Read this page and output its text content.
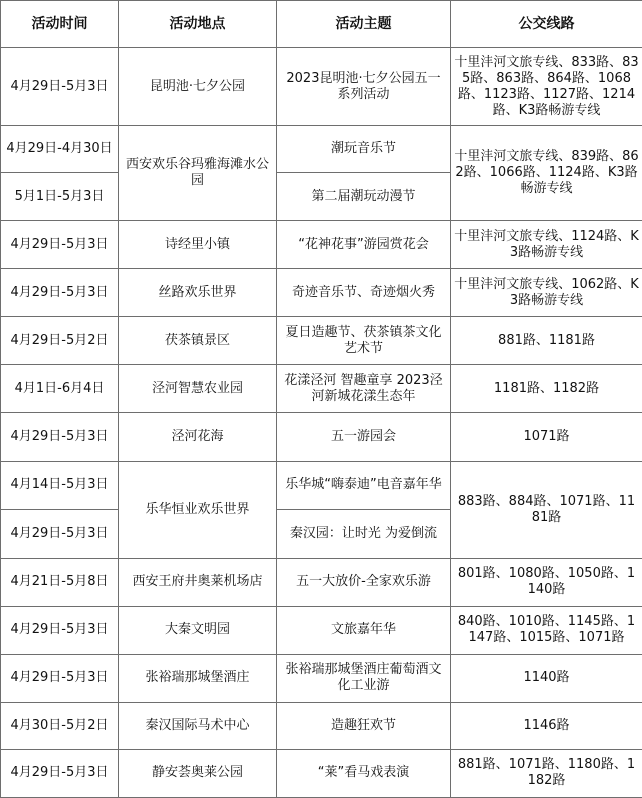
活动时间	活动地点	活动主题	公交线路
4月29日-5月3日	昆明池·七夕公园	2023昆明池·七夕公园五一系列活动	十里沣河文旅专线、833路、835路、863路、864路、1068路、1123路、1127路、1214路、K3路畅游专线
4月29日-4月30日	西安欢乐谷玛雅海滩水公园	潮玩音乐节	十里沣河文旅专线、839路、862路、1066路、1124路、K3路畅游专线
5月1日-5月3日		第二届潮玩动漫节	
4月29日-5月3日	诗经里小镇	“花神花事”游园赏花会	十里沣河文旅专线、1124路、K3路畅游专线
4月29日-5月3日	丝路欢乐世界	奇迹音乐节、奇迹烟火秀	十里沣河文旅专线、1062路、K3路畅游专线
4月29日-5月2日	茯茶镇景区	夏日造趣节、茯茶镇茶文化艺术节	881路、1181路
4月1日-6月4日	泾河智慧农业园	花漾泾河 智趣童享 2023泾河新城花漾生态年	1181路、1182路
4月29日-5月3日	泾河花海	五一游园会	1071路
4月14日-5月3日	乐华恒业欢乐世界	乐华城“嗨泰迪”电音嘉年华	883路、884路、1071路、1181路
4月29日-5月3日		秦汉园：让时光 为爱倒流	
4月21日-5月8日	西安王府井奥莱机场店	五一大放价-全家欢乐游	801路、1080路、1050路、1140路
4月29日-5月3日	大秦文明园	文旅嘉年华	840路、1010路、1145路、1147路、1015路、1071路
4月29日-5月3日	张裕瑞那城堡酒庄	张裕瑞那城堡酒庄葡萄酒文化工业游	1140路
4月30日-5月2日	秦汉国际马术中心	造趣狂欢节	1146路
4月29日-5月3日	静安荟奥莱公园	“莱”看马戏表演	881路、1071路、1180路、1182路
